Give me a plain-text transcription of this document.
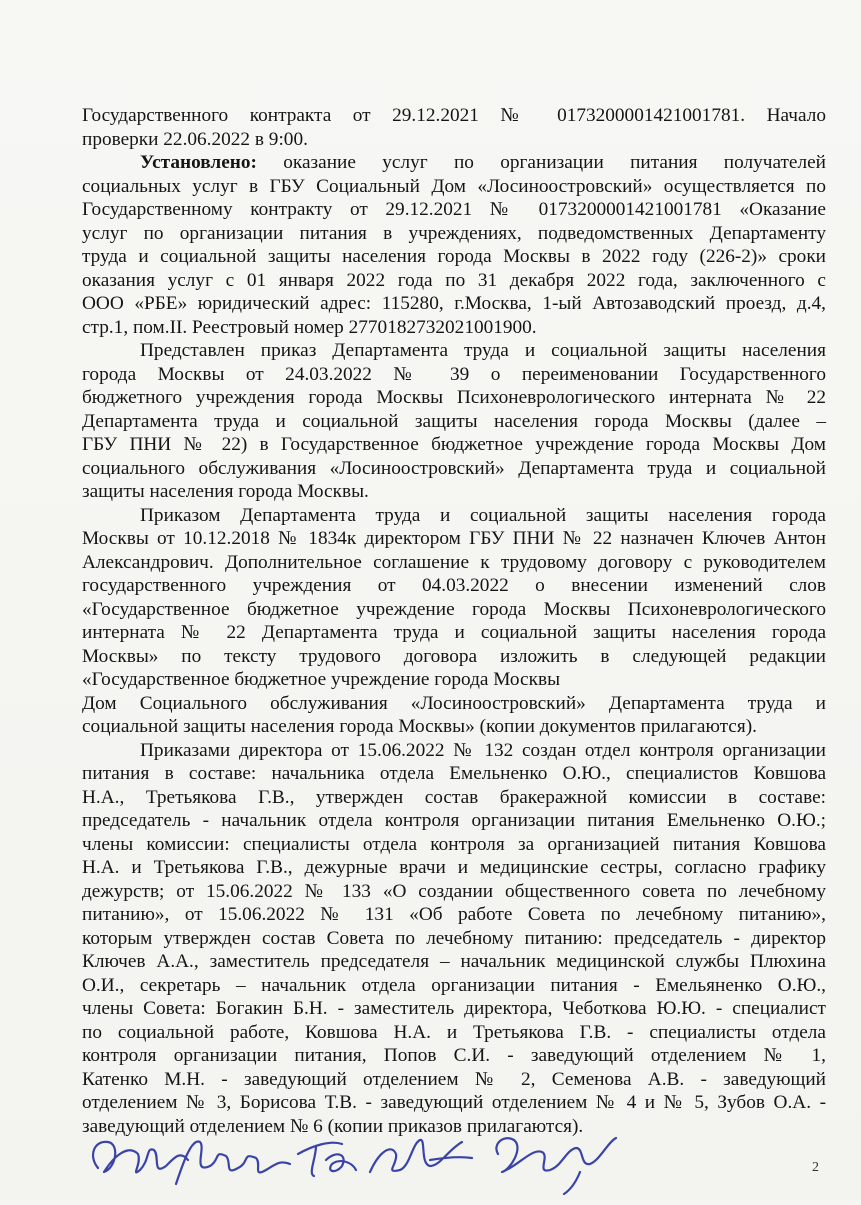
Государственного контракта от 29.12.2021 № 0173200001421001781. Начало

проверки 22.06.2022 в 9:00.

Установлено: оказание услуг по организации питания получателей

социальных услуг в ГБУ Социальный Дом «Лосиноостровский» осуществляется по

Государственному контракту от 29.12.2021 № 0173200001421001781 «Оказание

услуг по организации питания в учреждениях, подведомственных Департаменту

труда и социальной защиты населения города Москвы в 2022 году (226-2)» сроки

оказания услуг с 01 января 2022 года по 31 декабря 2022 года, заключенного с

ООО «РБЕ» юридический адрес: 115280, г.Москва, 1-ый Автозаводский проезд, д.4,

стр.1, пом.II. Реестровый номер 2770182732021001900.

Представлен приказ Департамента труда и социальной защиты населения

города Москвы от 24.03.2022 № 39 о переименовании Государственного

бюджетного учреждения города Москвы Психоневрологического интерната № 22

Департамента труда и социальной защиты населения города Москвы (далее –

ГБУ ПНИ № 22) в Государственное бюджетное учреждение города Москвы Дом

социального обслуживания «Лосиноостровский» Департамента труда и социальной

защиты населения города Москвы.

Приказом Департамента труда и социальной защиты населения города

Москвы от 10.12.2018 № 1834к директором ГБУ ПНИ № 22 назначен Ключев Антон

Александрович. Дополнительное соглашение к трудовому договору с руководителем

государственного учреждения от 04.03.2022 о внесении изменений слов

«Государственное бюджетное учреждение города Москвы Психоневрологического

интерната № 22 Департамента труда и социальной защиты населения города

Москвы» по тексту трудового договора изложить в следующей редакции

«Государственное бюджетное учреждение города Москвы

Дом Социального обслуживания «Лосиноостровский» Департамента труда и

социальной защиты населения города Москвы» (копии документов прилагаются).

Приказами директора от 15.06.2022 № 132 создан отдел контроля организации

питания в составе: начальника отдела Емельненко О.Ю., специалистов Ковшова

Н.А., Третьякова Г.В., утвержден состав бракеражной комиссии в составе:

председатель - начальник отдела контроля организации питания Емельненко О.Ю.;

члены комиссии: специалисты отдела контроля за организацией питания Ковшова

Н.А. и Третьякова Г.В., дежурные врачи и медицинские сестры, согласно графику

дежурств; от 15.06.2022 № 133 «О создании общественного совета по лечебному

питанию», от 15.06.2022 № 131 «Об работе Совета по лечебному питанию»,

которым утвержден состав Совета по лечебному питанию: председатель - директор

Ключев А.А., заместитель председателя – начальник медицинской службы Плюхина

О.И., секретарь – начальник отдела организации питания - Емельяненко О.Ю.,

члены Совета: Богакин Б.Н. - заместитель директора, Чеботкова Ю.Ю. - специалист

по социальной работе, Ковшова Н.А. и Третьякова Г.В. - специалисты отдела

контроля организации питания, Попов С.И. - заведующий отделением № 1,

Катенко М.Н. - заведующий отделением № 2, Семенова А.В. - заведующий

отделением № 3, Борисова Т.В. - заведующий отделением № 4 и № 5, Зубов О.А. -

заведующий отделением № 6 (копии приказов прилагаются).

2
